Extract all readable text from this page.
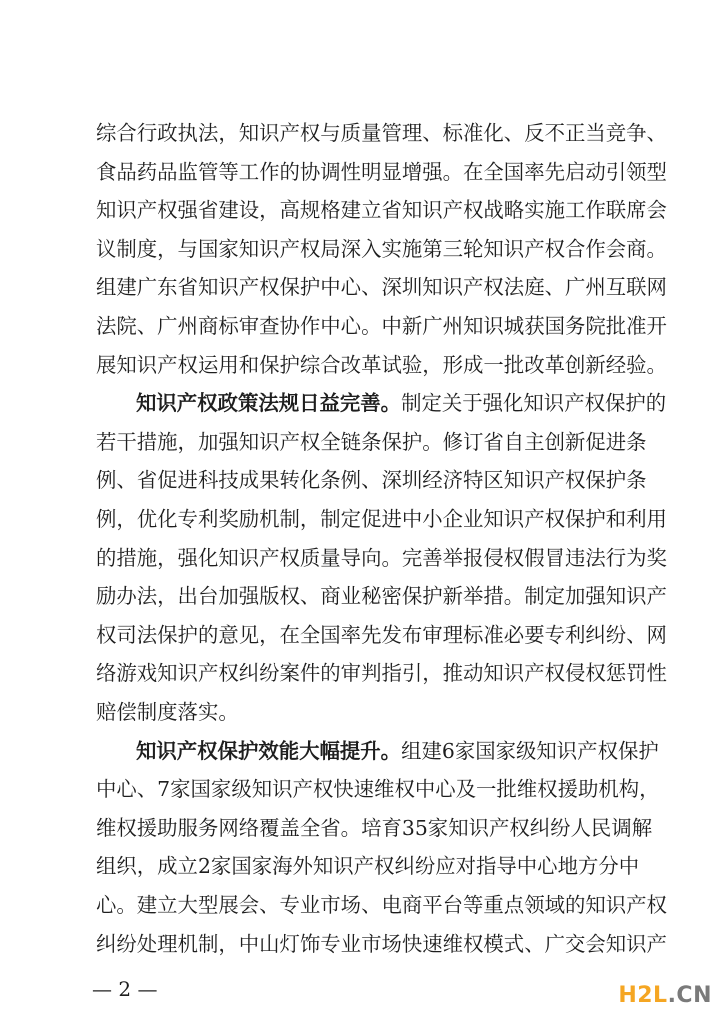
综合行政执法，知识产权与质量管理、标准化、反不正当竞争、
食品药品监管等工作的协调性明显增强。在全国率先启动引领型
知识产权强省建设，高规格建立省知识产权战略实施工作联席会
议制度，与国家知识产权局深入实施第三轮知识产权合作会商。
组建广东省知识产权保护中心、深圳知识产权法庭、广州互联网
法院、广州商标审查协作中心。中新广州知识城获国务院批准开
展知识产权运用和保护综合改革试验，形成一批改革创新经验。
知识产权政策法规日益完善。制定关于强化知识产权保护的
若干措施，加强知识产权全链条保护。修订省自主创新促进条
例、省促进科技成果转化条例、深圳经济特区知识产权保护条
例，优化专利奖励机制，制定促进中小企业知识产权保护和利用
的措施，强化知识产权质量导向。完善举报侵权假冒违法行为奖
励办法，出台加强版权、商业秘密保护新举措。制定加强知识产
权司法保护的意见，在全国率先发布审理标准必要专利纠纷、网
络游戏知识产权纠纷案件的审判指引，推动知识产权侵权惩罚性
赔偿制度落实。
知识产权保护效能大幅提升。组建6家国家级知识产权保护
中心、7家国家级知识产权快速维权中心及一批维权援助机构，
维权援助服务网络覆盖全省。培育35家知识产权纠纷人民调解
组织，成立2家国家海外知识产权纠纷应对指导中心地方分中
心。建立大型展会、专业市场、电商平台等重点领域的知识产权
纠纷处理机制，中山灯饰专业市场快速维权模式、广交会知识产
— 2 —	H2L.CN
